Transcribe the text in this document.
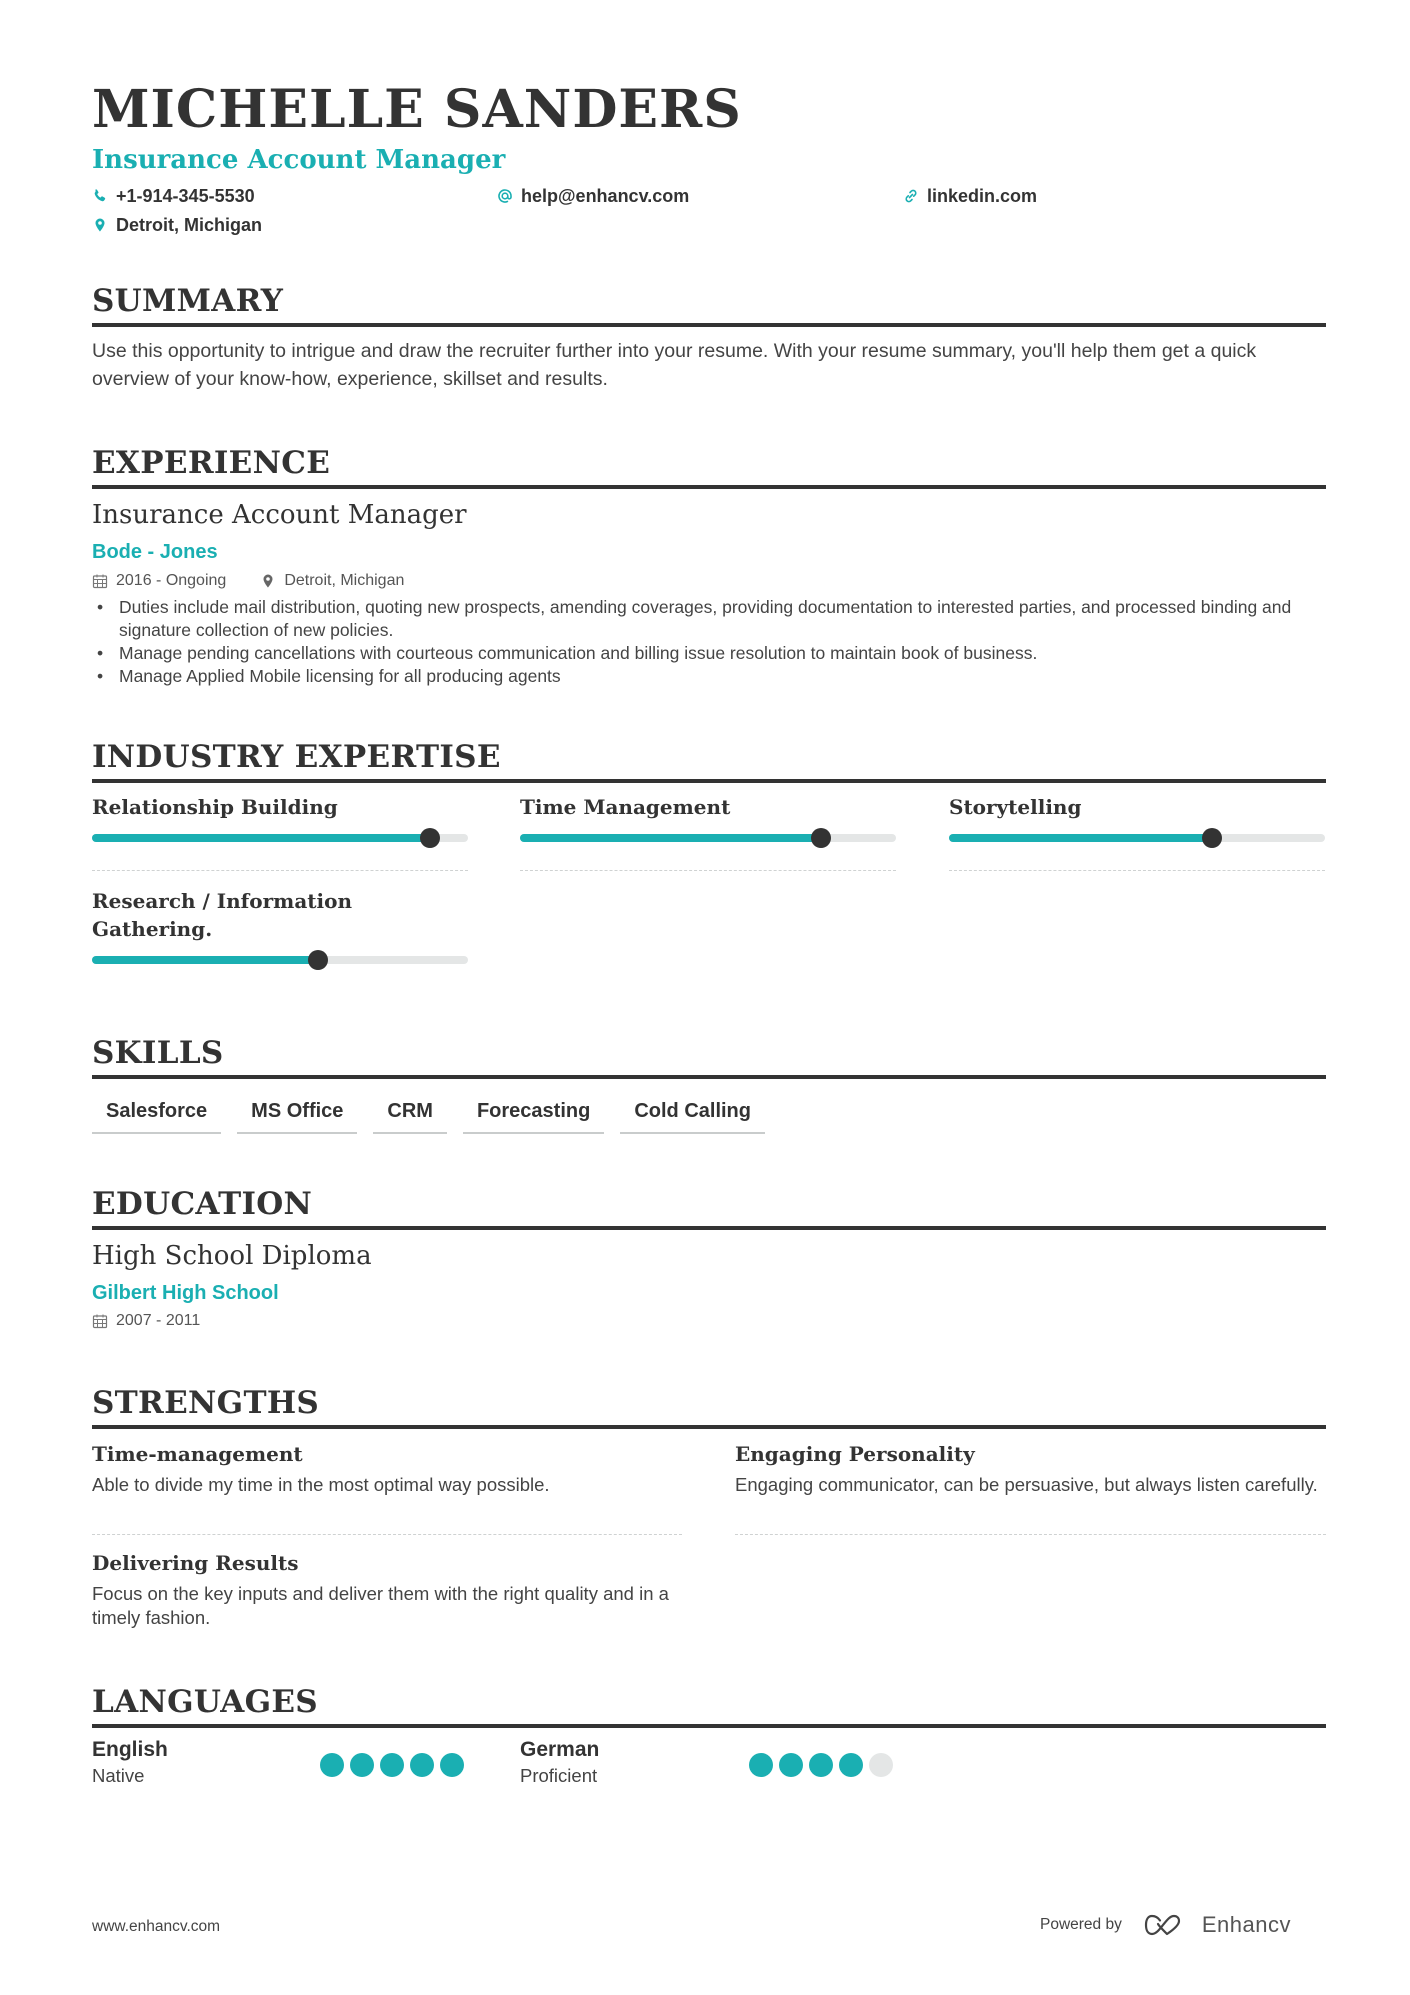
MICHELLE SANDERS
Insurance Account Manager
+1-914-345-5530	help@enhancv.com	linkedin.com
Detroit, Michigan
SUMMARY
Use this opportunity to intrigue and draw the recruiter further into your resume. With your resume summary, you'll help them get a quick overview of your know-how, experience, skillset and results.
EXPERIENCE
Insurance Account Manager
Bode - Jones
2016 - Ongoing	Detroit, Michigan
• Duties include mail distribution, quoting new prospects, amending coverages, providing documentation to interested parties, and processed binding and signature collection of new policies.
• Manage pending cancellations with courteous communication and billing issue resolution to maintain book of business.
• Manage Applied Mobile licensing for all producing agents
INDUSTRY EXPERTISE
Relationship Building	Time Management	Storytelling
Research / Information Gathering.
SKILLS
Salesforce	MS Office	CRM	Forecasting	Cold Calling
EDUCATION
High School Diploma
Gilbert High School
2007 - 2011
STRENGTHS
Time-management
Able to divide my time in the most optimal way possible.
Engaging Personality
Engaging communicator, can be persuasive, but always listen carefully.
Delivering Results
Focus on the key inputs and deliver them with the right quality and in a timely fashion.
LANGUAGES
English
Native
German
Proficient
www.enhancv.com	Powered by	Enhancv
